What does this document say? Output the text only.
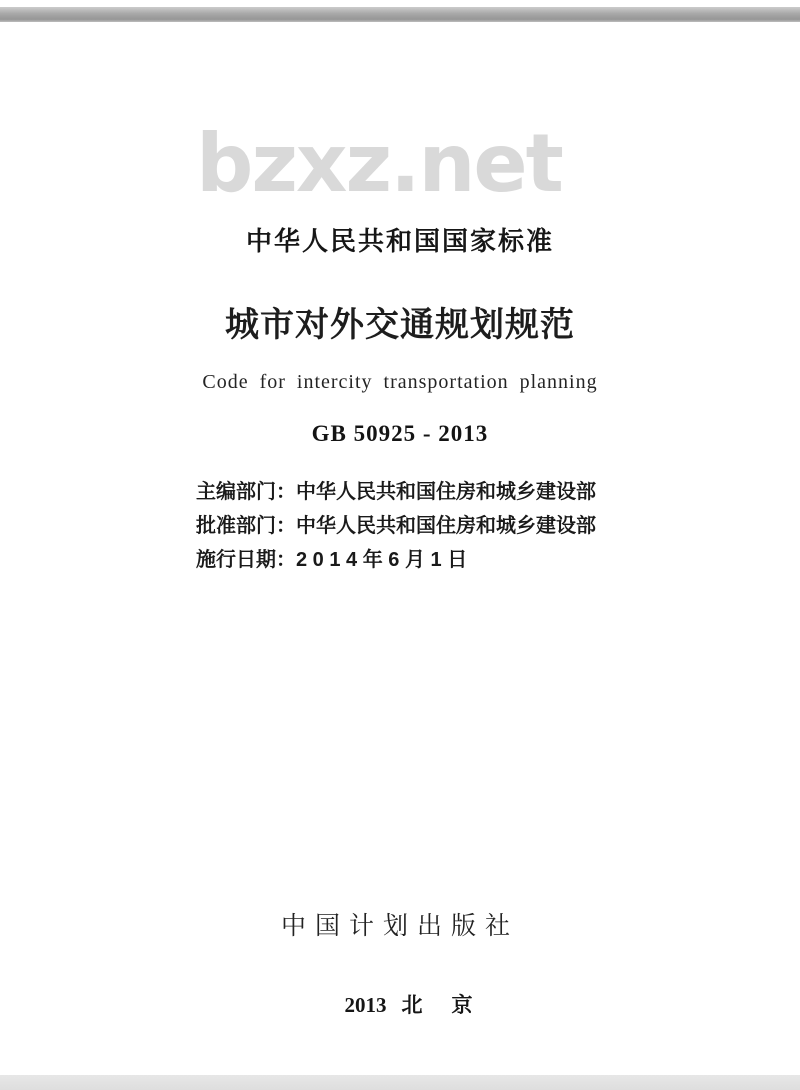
bzxz.net
中华人民共和国国家标准
城市对外交通规划规范
Code for intercity transportation planning
GB 50925 - 2013
主编部门：中华人民共和国住房和城乡建设部
批准部门：中华人民共和国住房和城乡建设部
施行日期：2 0 1 4 年 6 月 1 日
中国计划出版社

2013 北　京
